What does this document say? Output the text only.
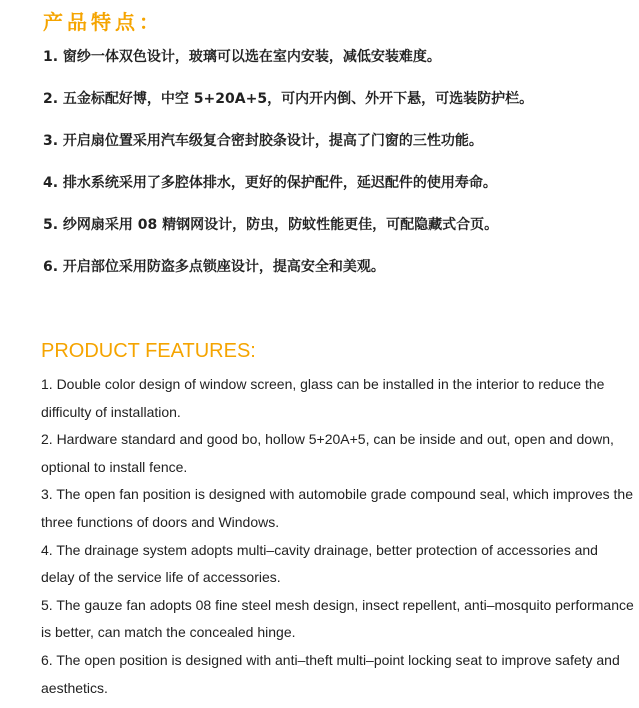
产品特点：
1. 窗纱一体双色设计，玻璃可以选在室内安装，减低安装难度。
2. 五金标配好博，中空 5+20A+5，可内开内倒、外开下悬，可选装防护栏。
3. 开启扇位置采用汽车级复合密封胶条设计，提高了门窗的三性功能。
4. 排水系统采用了多腔体排水，更好的保护配件，延迟配件的使用寿命。
5. 纱网扇采用 08 精钢网设计，防虫，防蚊性能更佳，可配隐藏式合页。
6. 开启部位采用防盗多点锁座设计，提高安全和美观。
PRODUCT FEATURES:
1. Double color design of window screen, glass can be installed in the interior to reduce the difficulty of installation.
2. Hardware standard and good bo, hollow 5+20A+5, can be inside and out, open and down, optional to install fence.
3. The open fan position is designed with automobile grade compound seal, which improves the three functions of doors and Windows.
4. The drainage system adopts multi–cavity drainage, better protection of accessories and delay of the service life of accessories.
5. The gauze fan adopts 08 fine steel mesh design, insect repellent, anti–mosquito performance is better, can match the concealed hinge.
6. The open position is designed with anti–theft multi–point locking seat to improve safety and aesthetics.
